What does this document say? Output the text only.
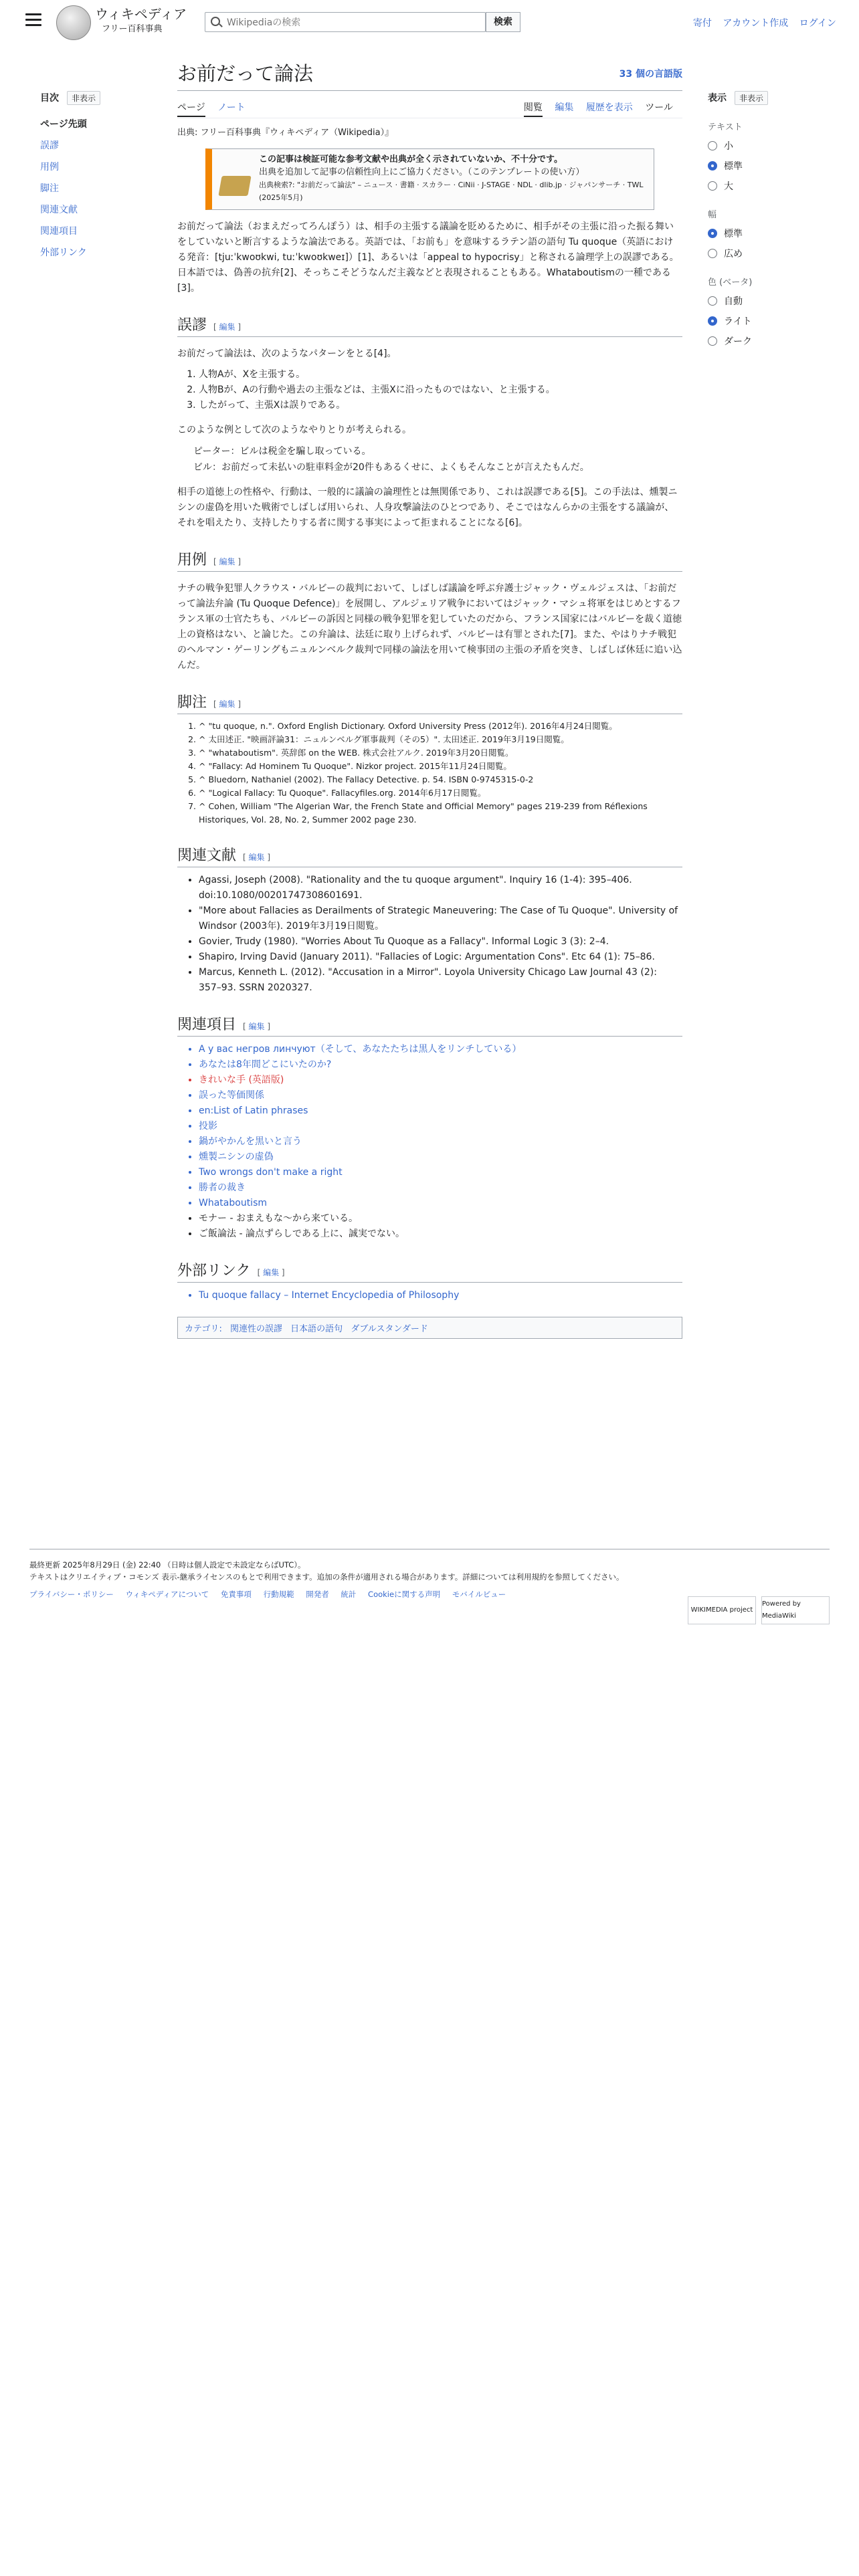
ウィキペディア
フリー百科事典
Wikipediaの検索
検索	寄付 アカウント作成 ログイン
目次 非表示
ページ先頭
誤謬
用例
脚注
関連文献
関連項目
外部リンク
表示 非表示
テキスト
小
標準
大
幅
標準
広め
色 (ベータ)
自動
ライト
ダーク
お前だって論法	33 個の言語版
ページ ノート	閲覧 編集 履歴を表示 ツール
出典: フリー百科事典『ウィキペディア（Wikipedia）』
この記事は検証可能な参考文献や出典が全く示されていないか、不十分です。
出典を追加して記事の信頼性向上にご協力ください。（このテンプレートの使い方）
出典検索?: "お前だって論法" – ニュース · 書籍 · スカラー · CiNii · J-STAGE · NDL · dlib.jp · ジャパンサーチ · TWL (2025年5月)
お前だって論法（おまえだってろんぽう）は、相手の主張する議論を貶めるために、相手がその主張に沿った振る舞いをしていないと断言するような論法である。英語では、「お前も」を意味するラテン語の語句 Tu quoque（英語における発音：[tjuːˈkwoʊkwi, tuːˈkwoʊkweɪ]）[1]、あるいは「appeal to hypocrisy」と称される論理学上の誤謬である。日本語では、偽善の抗弁[2]、そっちこそどうなんだ主義などと表現されることもある。Whataboutismの一種である[3]。
誤謬 [ 編集 ]
お前だって論法は、次のようなパターンをとる[4]。
1. 人物Aが、Xを主張する。
2. 人物Bが、Aの行動や過去の主張などは、主張Xに沿ったものではない、と主張する。
3. したがって、主張Xは誤りである。
このような例として次のようなやりとりが考えられる。
ピーター：ビルは税金を騙し取っている。
ビル：お前だって未払いの駐車料金が20件もあるくせに、よくもそんなことが言えたもんだ。
相手の道徳上の性格や、行動は、一般的に議論の論理性とは無関係であり、これは誤謬である[5]。この手法は、燻製ニシンの虚偽を用いた戦術でしばしば用いられ、人身攻撃論法のひとつであり、そこではなんらかの主張をする議論が、それを唱えたり、支持したりする者に関する事実によって拒まれることになる[6]。
用例 [ 編集 ]
ナチの戦争犯罪人クラウス・バルビーの裁判において、しばしば議論を呼ぶ弁護士ジャック・ヴェルジェスは、「お前だって論法弁論 (Tu Quoque Defence)」を展開し、アルジェリア戦争においてはジャック・マシュ将軍をはじめとするフランス軍の士官たちも、バルビーの訴因と同様の戦争犯罪を犯していたのだから、フランス国家にはバルビーを裁く道徳上の資格はない、と論じた。この弁論は、法廷に取り上げられず、バルビーは有罪とされた[7]。また、やはりナチ戦犯のヘルマン・ゲーリングもニュルンベルク裁判で同様の論法を用いて検事団の主張の矛盾を突き、しばしば休廷に追い込んだ。
脚注 [ 編集 ]
1. ^ "tu quoque, n.". Oxford English Dictionary. Oxford University Press (2012年). 2016年4月24日閲覧。
2. ^ 太田述正. "映画評論31：ニュルンベルグ軍事裁判（その5）". 太田述正. 2019年3月19日閲覧。
3. ^ "whataboutism". 英辞郎 on the WEB. 株式会社アルク. 2019年3月20日閲覧。
4. ^ "Fallacy: Ad Hominem Tu Quoque". Nizkor project. 2015年11月24日閲覧。
5. ^ Bluedorn, Nathaniel (2002). The Fallacy Detective. p. 54. ISBN 0-9745315-0-2
6. ^ "Logical Fallacy: Tu Quoque". Fallacyfiles.org. 2014年6月17日閲覧。
7. ^ Cohen, William "The Algerian War, the French State and Official Memory" pages 219-239 from Réflexions Historiques, Vol. 28, No. 2, Summer 2002 page 230.
関連文献 [ 編集 ]
• Agassi, Joseph (2008). "Rationality and the tu quoque argument". Inquiry 16 (1-4): 395–406. doi:10.1080/00201747308601691.
• "More about Fallacies as Derailments of Strategic Maneuvering: The Case of Tu Quoque". University of Windsor (2003年). 2019年3月19日閲覧。
• Govier, Trudy (1980). "Worries About Tu Quoque as a Fallacy". Informal Logic 3 (3): 2–4.
• Shapiro, Irving David (January 2011). "Fallacies of Logic: Argumentation Cons". Etc 64 (1): 75–86.
• Marcus, Kenneth L. (2012). "Accusation in a Mirror". Loyola University Chicago Law Journal 43 (2): 357–93. SSRN 2020327.
関連項目 [ 編集 ]
• А у вас негров линчуют（そして、あなたたちは黒人をリンチしている）
• あなたは8年間どこにいたのか?
• きれいな手 (英語版)
• 誤った等価関係
• en:List of Latin phrases
• 投影
• 鍋がやかんを黒いと言う
• 燻製ニシンの虚偽
• Two wrongs don't make a right
• 勝者の裁き
• Whataboutism
• モナー - おまえもな～から来ている。
• ご飯論法 - 論点ずらしである上に、誠実でない。
外部リンク [ 編集 ]
• Tu quoque fallacy – Internet Encyclopedia of Philosophy
カテゴリ: 関連性の誤謬 日本語の語句 ダブルスタンダード
最終更新 2025年8月29日 (金) 22:40 （日時は個人設定で未設定ならばUTC）。
テキストはクリエイティブ・コモンズ 表示-継承ライセンスのもとで利用できます。追加の条件が適用される場合があります。詳細については利用規約を参照してください。
プライバシー・ポリシー ウィキペディアについて 免責事項 行動規範 開発者 統計 Cookieに関する声明 モバイルビュー
WIKIMEDIA project
Powered by MediaWiki
